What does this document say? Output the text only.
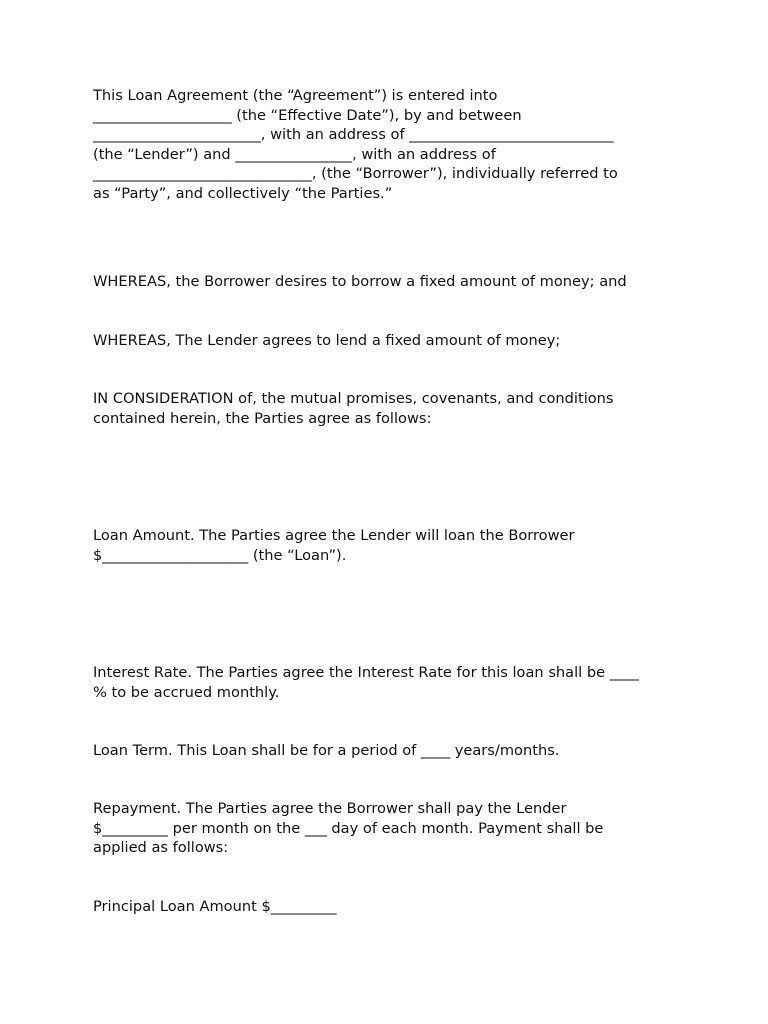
This Loan Agreement (the “Agreement”) is entered into
___________________ (the “Effective Date”), by and between
_______________________, with an address of ____________________________
(the “Lender”) and ________________, with an address of
______________________________, (the “Borrower”), individually referred to
as “Party”, and collectively “the Parties.”

WHEREAS, the Borrower desires to borrow a fixed amount of money; and

WHEREAS, The Lender agrees to lend a fixed amount of money;

IN CONSIDERATION of, the mutual promises, covenants, and conditions
contained herein, the Parties agree as follows:

Loan Amount. The Parties agree the Lender will loan the Borrower
$____________________ (the “Loan”).

Interest Rate. The Parties agree the Interest Rate for this loan shall be ____
% to be accrued monthly.

Loan Term. This Loan shall be for a period of ____ years/months.

Repayment. The Parties agree the Borrower shall pay the Lender
$_________ per month on the ___ day of each month. Payment shall be
applied as follows:

Principal Loan Amount $_________
